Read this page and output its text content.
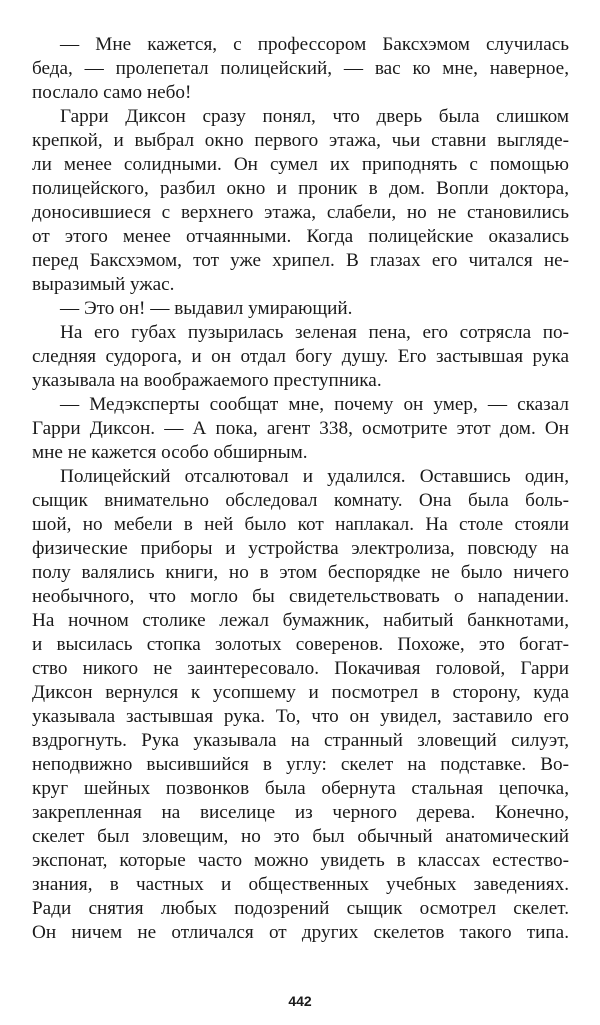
— Мне кажется, с профессором Баксхэмом случилась
беда, — пролепетал полицейский, — вас ко мне, наверное,
послало само небо!
Гарри Диксон сразу понял, что дверь была слишком
крепкой, и выбрал окно первого этажа, чьи ставни выгляде-
ли менее солидными. Он сумел их приподнять с помощью
полицейского, разбил окно и проник в дом. Вопли доктора,
доносившиеся с верхнего этажа, слабели, но не становились
от этого менее отчаянными. Когда полицейские оказались
перед Баксхэмом, тот уже хрипел. В глазах его читался не-
выразимый ужас.
— Это он! — выдавил умирающий.
На его губах пузырилась зеленая пена, его сотрясла по-
следняя судорога, и он отдал богу душу. Его застывшая рука
указывала на воображаемого преступника.
— Медэксперты сообщат мне, почему он умер, — сказал
Гарри Диксон. — А пока, агент 338, осмотрите этот дом. Он
мне не кажется особо обширным.
Полицейский отсалютовал и удалился. Оставшись один,
сыщик внимательно обследовал комнату. Она была боль-
шой, но мебели в ней было кот наплакал. На столе стояли
физические приборы и устройства электролиза, повсюду на
полу валялись книги, но в этом беспорядке не было ничего
необычного, что могло бы свидетельствовать о нападении.
На ночном столике лежал бумажник, набитый банкнотами,
и высилась стопка золотых соверенов. Похоже, это богат-
ство никого не заинтересовало. Покачивая головой, Гарри
Диксон вернулся к усопшему и посмотрел в сторону, куда
указывала застывшая рука. То, что он увидел, заставило его
вздрогнуть. Рука указывала на странный зловещий силуэт,
неподвижно высившийся в углу: скелет на подставке. Во-
круг шейных позвонков была обернута стальная цепочка,
закрепленная на виселице из черного дерева. Конечно,
скелет был зловещим, но это был обычный анатомический
экспонат, которые часто можно увидеть в классах естество-
знания, в частных и общественных учебных заведениях.
Ради снятия любых подозрений сыщик осмотрел скелет.
Он ничем не отличался от других скелетов такого типа.
442
